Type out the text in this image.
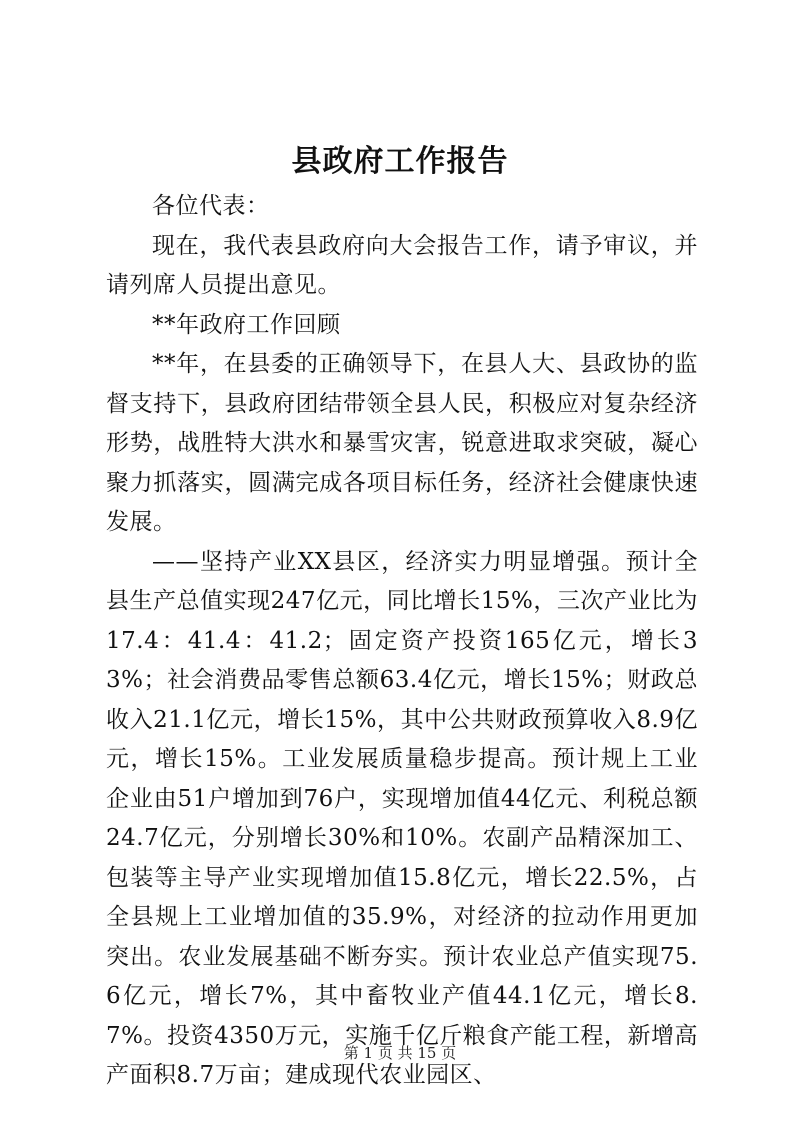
县政府工作报告

各位代表：

现在，我代表县政府向大会报告工作，请予审议，并请列席人员提出意见。

**年政府工作回顾

**年，在县委的正确领导下，在县人大、县政协的监督支持下，县政府团结带领全县人民，积极应对复杂经济形势，战胜特大洪水和暴雪灾害，锐意进取求突破，凝心聚力抓落实，圆满完成各项目标任务，经济社会健康快速发展。

——坚持产业XX县区，经济实力明显增强。预计全县生产总值实现247亿元，同比增长15%，三次产业比为17.4：41.4：41.2；固定资产投资165亿元，增长33%；社会消费品零售总额63.4亿元，增长15%；财政总收入21.1亿元，增长15%，其中公共财政预算收入8.9亿元，增长15%。工业发展质量稳步提高。预计规上工业企业由51户增加到76户，实现增加值44亿元、利税总额24.7亿元，分别增长30%和10%。农副产品精深加工、包装等主导产业实现增加值15.8亿元，增长22.5%，占全县规上工业增加值的35.9%，对经济的拉动作用更加突出。农业发展基础不断夯实。预计农业总产值实现75.6亿元，增长7%，其中畜牧业产值44.1亿元，增长8.7%。投资4350万元，实施千亿斤粮食产能工程，新增高产面积8.7万亩；建成现代农业园区、

第 1 页 共 15 页
